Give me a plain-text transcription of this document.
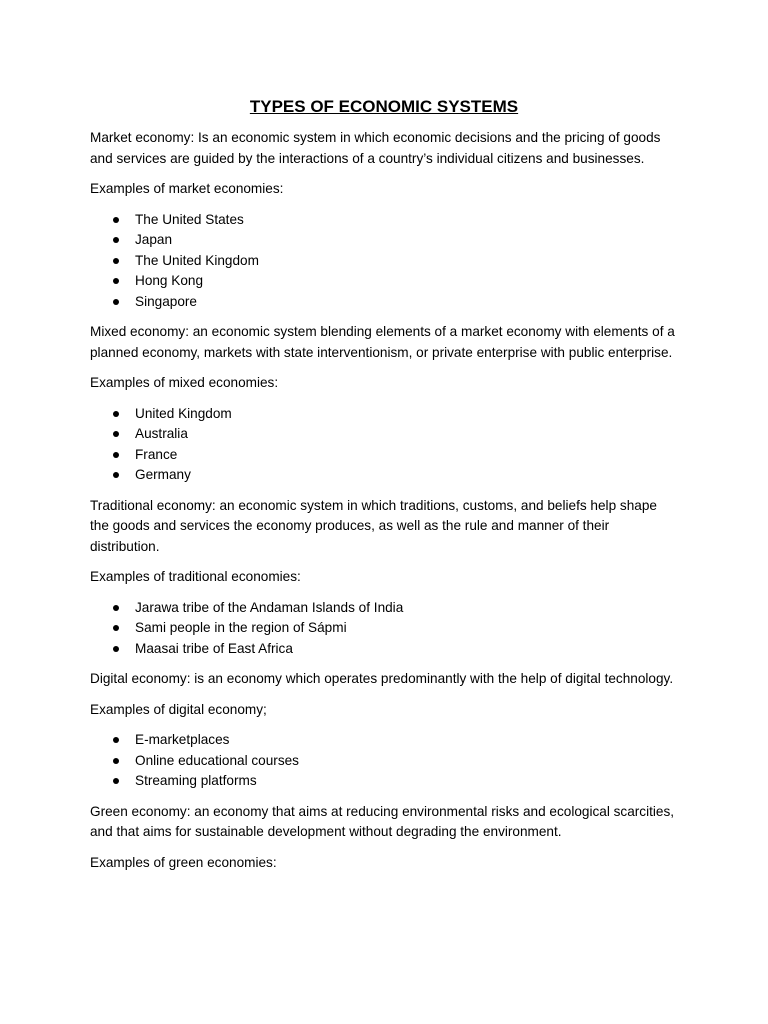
TYPES OF ECONOMIC SYSTEMS

Market economy: Is an economic system in which economic decisions and the pricing of goods and services are guided by the interactions of a country’s individual citizens and businesses.

Examples of market economies:

The United States
Japan
The United Kingdom
Hong Kong
Singapore

Mixed economy: an economic system blending elements of a market economy with elements of a planned economy, markets with state interventionism, or private enterprise with public enterprise.

Examples of mixed economies:

United Kingdom
Australia
France
Germany

Traditional economy: an economic system in which traditions, customs, and beliefs help shape the goods and services the economy produces, as well as the rule and manner of their distribution.

Examples of traditional economies:

Jarawa tribe of the Andaman Islands of India
Sami people in the region of Sápmi
Maasai tribe of East Africa

Digital economy: is an economy which operates predominantly with the help of digital technology.

Examples of digital economy;

E-marketplaces
Online educational courses
Streaming platforms

Green economy: an economy that aims at reducing environmental risks and ecological scarcities, and that aims for sustainable development without degrading the environment.

Examples of green economies:
